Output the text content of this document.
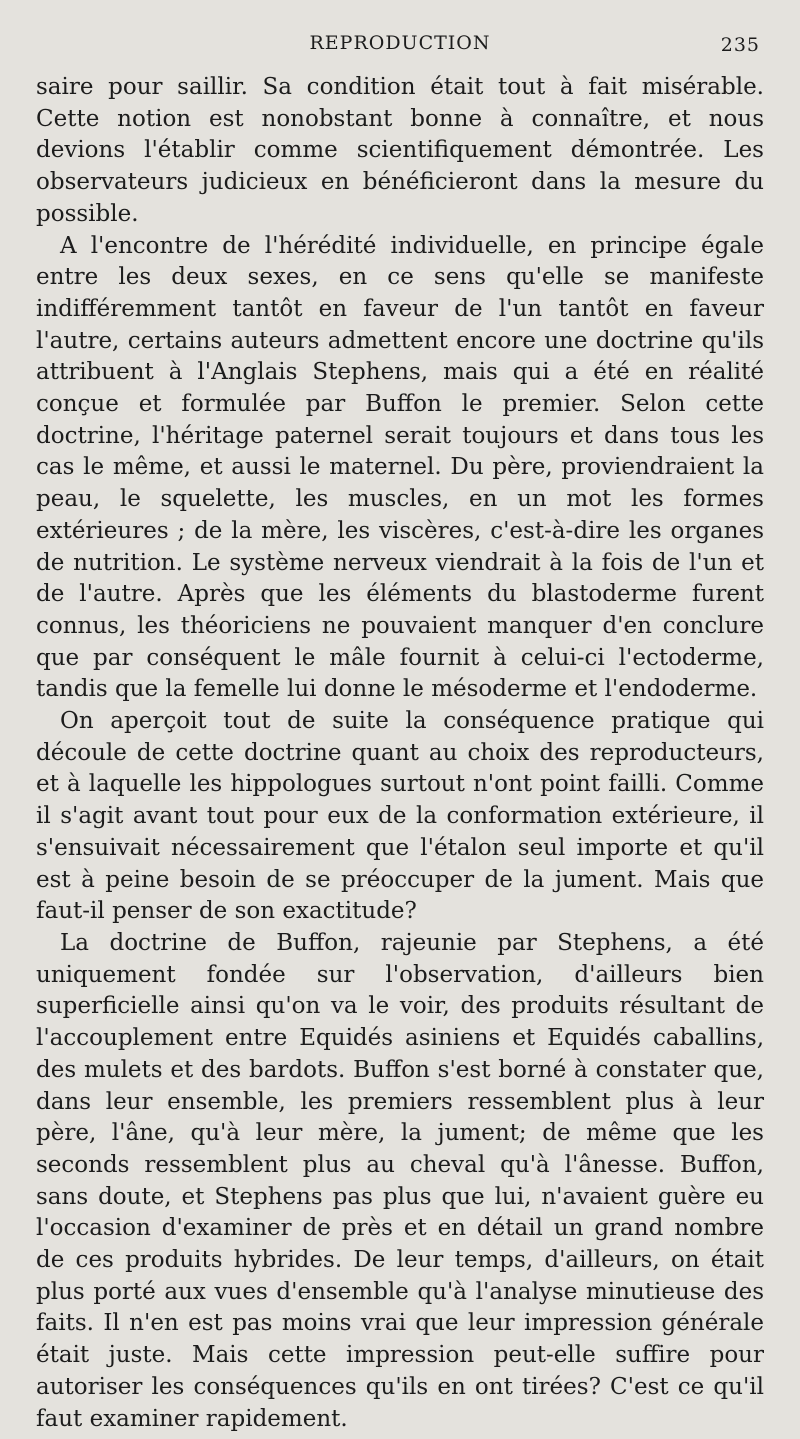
REPRODUCTION	235

saire pour saillir. Sa condition était tout à fait misérable. Cette notion est nonobstant bonne à connaître, et nous devions l'établir comme scientifiquement démontrée. Les observateurs judicieux en bénéficieront dans la mesure du possible.

A l'encontre de l'hérédité individuelle, en principe égale entre les deux sexes, en ce sens qu'elle se manifeste indifféremment tantôt en faveur de l'un tantôt en faveur l'autre, certains auteurs admettent encore une doctrine qu'ils attribuent à l'Anglais Stephens, mais qui a été en réalité conçue et formulée par Buffon le premier. Selon cette doctrine, l'héritage paternel serait toujours et dans tous les cas le même, et aussi le maternel. Du père, proviendraient la peau, le squelette, les muscles, en un mot les formes extérieures ; de la mère, les viscères, c'est-à-dire les organes de nutrition. Le système nerveux viendrait à la fois de l'un et de l'autre. Après que les éléments du blastoderme furent connus, les théoriciens ne pouvaient manquer d'en conclure que par conséquent le mâle fournit à celui-ci l'ectoderme, tandis que la femelle lui donne le mésoderme et l'endoderme.

On aperçoit tout de suite la conséquence pratique qui découle de cette doctrine quant au choix des reproducteurs, et à laquelle les hippologues surtout n'ont point failli. Comme il s'agit avant tout pour eux de la conformation extérieure, il s'ensuivait nécessairement que l'étalon seul importe et qu'il est à peine besoin de se préoccuper de la jument. Mais que faut-il penser de son exactitude?

La doctrine de Buffon, rajeunie par Stephens, a été uniquement fondée sur l'observation, d'ailleurs bien superficielle ainsi qu'on va le voir, des produits résultant de l'accouplement entre Equidés asiniens et Equidés caballins, des mulets et des bardots. Buffon s'est borné à constater que, dans leur ensemble, les premiers ressemblent plus à leur père, l'âne, qu'à leur mère, la jument; de même que les seconds ressemblent plus au cheval qu'à l'ânesse. Buffon, sans doute, et Stephens pas plus que lui, n'avaient guère eu l'occasion d'examiner de près et en détail un grand nombre de ces produits hybrides. De leur temps, d'ailleurs, on était plus porté aux vues d'ensemble qu'à l'analyse minutieuse des faits. Il n'en est pas moins vrai que leur impression générale était juste. Mais cette impression peut-elle suffire pour autoriser les conséquences qu'ils en ont tirées? C'est ce qu'il faut examiner rapidement.
